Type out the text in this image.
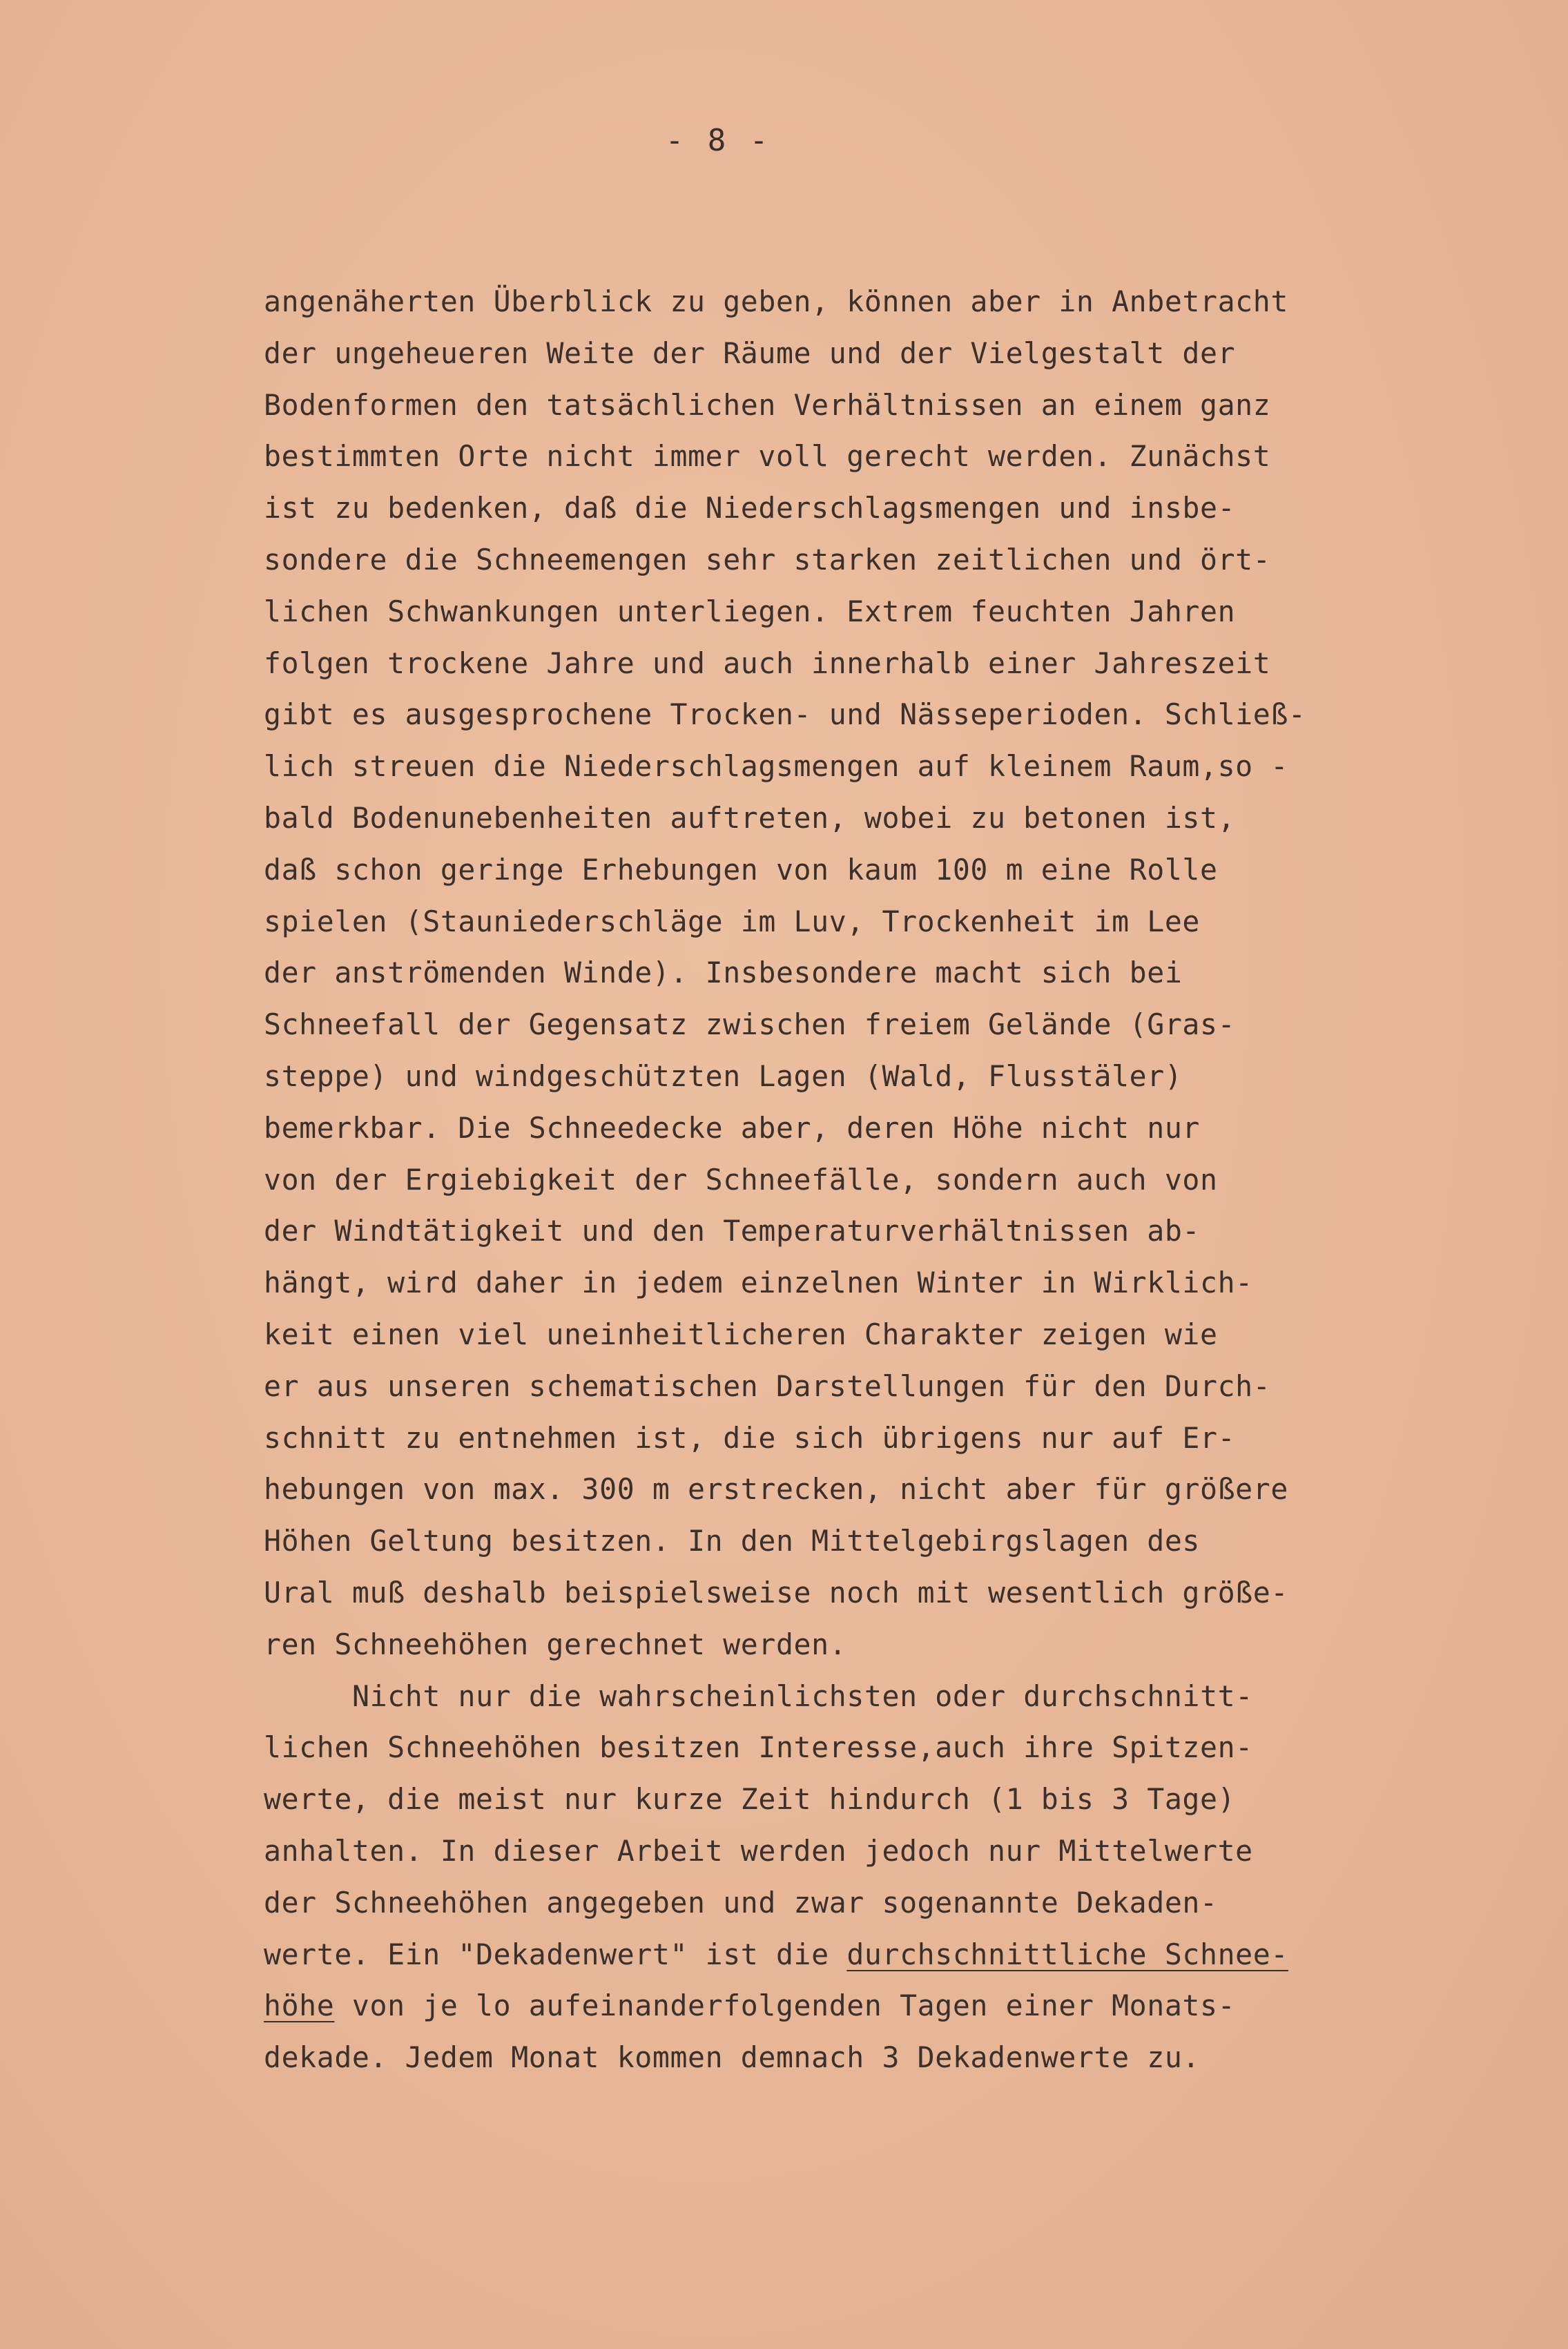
- 8 -
angenäherten Überblick zu geben, können aber in Anbetracht
der ungeheueren Weite der Räume und der Vielgestalt der
Bodenformen den tatsächlichen Verhältnissen an einem ganz
bestimmten Orte nicht immer voll gerecht werden. Zunächst
ist zu bedenken, daß die Niederschlagsmengen und insbe-
sondere die Schneemengen sehr starken zeitlichen und ört-
lichen Schwankungen unterliegen. Extrem feuchten Jahren
folgen trockene Jahre und auch innerhalb einer Jahreszeit
gibt es ausgesprochene Trocken- und Nässeperioden. Schließ-
lich streuen die Niederschlagsmengen auf kleinem Raum,so -
bald Bodenunebenheiten auftreten, wobei zu betonen ist,
daß schon geringe Erhebungen von kaum 100 m eine Rolle
spielen (Stauniederschläge im Luv, Trockenheit im Lee
der anströmenden Winde). Insbesondere macht sich bei
Schneefall der Gegensatz zwischen freiem Gelände (Gras-
steppe) und windgeschützten Lagen (Wald, Flusstäler)
bemerkbar. Die Schneedecke aber, deren Höhe nicht nur
von der Ergiebigkeit der Schneefälle, sondern auch von
der Windtätigkeit und den Temperaturverhältnissen ab-
hängt, wird daher in jedem einzelnen Winter in Wirklich-
keit einen viel uneinheitlicheren Charakter zeigen wie
er aus unseren schematischen Darstellungen für den Durch-
schnitt zu entnehmen ist, die sich übrigens nur auf Er-
hebungen von max. 300 m erstrecken, nicht aber für größere
Höhen Geltung besitzen. In den Mittelgebirgslagen des
Ural muß deshalb beispielsweise noch mit wesentlich größe-
ren Schneehöhen gerechnet werden.
Nicht nur die wahrscheinlichsten oder durchschnitt-
lichen Schneehöhen besitzen Interesse,auch ihre Spitzen-
werte, die meist nur kurze Zeit hindurch (1 bis 3 Tage)
anhalten. In dieser Arbeit werden jedoch nur Mittelwerte
der Schneehöhen angegeben und zwar sogenannte Dekaden-
werte. Ein "Dekadenwert" ist die durchschnittliche Schnee-
höhe von je lo aufeinanderfolgenden Tagen einer Monats-
dekade. Jedem Monat kommen demnach 3 Dekadenwerte zu.
